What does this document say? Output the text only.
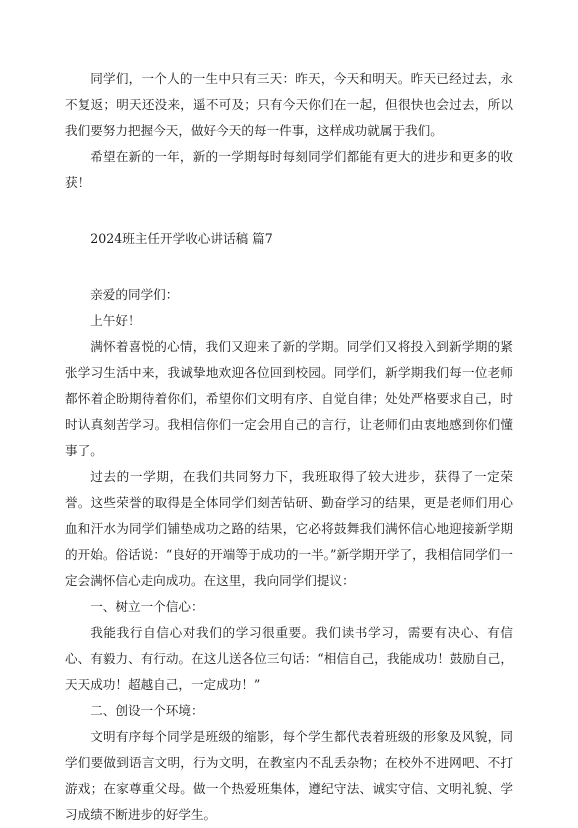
同学们，一个人的一生中只有三天：昨天，今天和明天。昨天已经过去，永不复返；明天还没来，遥不可及；只有今天你们在一起，但很快也会过去，所以我们要努力把握今天，做好今天的每一件事，这样成功就属于我们。

希望在新的一年，新的一学期每时每刻同学们都能有更大的进步和更多的收获！

2024班主任开学收心讲话稿 篇7

亲爱的同学们：

上午好！

满怀着喜悦的心情，我们又迎来了新的学期。同学们又将投入到新学期的紧张学习生活中来，我诚挚地欢迎各位回到校园。同学们，新学期我们每一位老师都怀着企盼期待着你们，希望你们文明有序、自觉自律；处处严格要求自己，时时认真刻苦学习。我相信你们一定会用自己的言行，让老师们由衷地感到你们懂事了。

过去的一学期，在我们共同努力下，我班取得了较大进步，获得了一定荣誉。这些荣誉的取得是全体同学们刻苦钻研、勤奋学习的结果，更是老师们用心血和汗水为同学们铺垫成功之路的结果，它必将鼓舞我们满怀信心地迎接新学期的开始。俗话说：“良好的开端等于成功的一半。”新学期开学了，我相信同学们一定会满怀信心走向成功。在这里，我向同学们提议：

一、树立一个信心：

我能我行自信心对我们的学习很重要。我们读书学习，需要有决心、有信心、有毅力、有行动。在这儿送各位三句话：“相信自己，我能成功！鼓励自己，天天成功！超越自己，一定成功！”

二、创设一个环境：

文明有序每个同学是班级的缩影，每个学生都代表着班级的形象及风貌，同学们要做到语言文明，行为文明，在教室内不乱丢杂物；在校外不进网吧、不打游戏；在家尊重父母。做一个热爱班集体，遵纪守法、诚实守信、文明礼貌、学习成绩不断进步的好学生。
